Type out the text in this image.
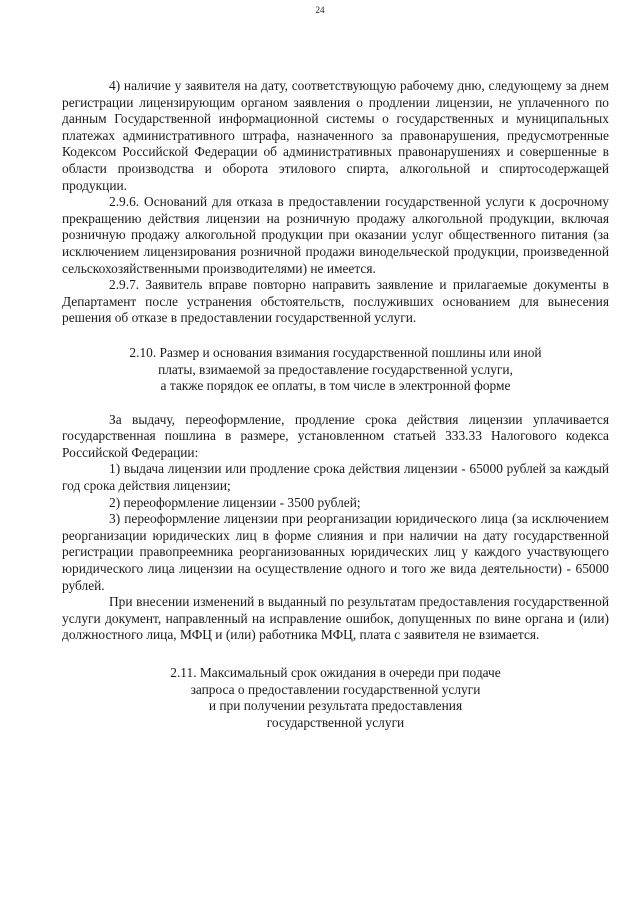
24

4) наличие у заявителя на дату, соответствующую рабочему дню, следующему за днем регистрации лицензирующим органом заявления о продлении лицензии, не уплаченного по данным Государственной информационной системы о государственных и муниципальных платежах административного штрафа, назначенного за правонарушения, предусмотренные Кодексом Российской Федерации об административных правонарушениях и совершенные в области производства и оборота этилового спирта, алкогольной и спиртосодержащей продукции.

2.9.6. Оснований для отказа в предоставлении государственной услуги к досрочному прекращению действия лицензии на розничную продажу алкогольной продукции, включая розничную продажу алкогольной продукции при оказании услуг общественного питания (за исключением лицензирования розничной продажи винодельческой продукции, произведенной сельскохозяйственными производителями) не имеется.

2.9.7. Заявитель вправе повторно направить заявление и прилагаемые документы в Департамент после устранения обстоятельств, послуживших основанием для вынесения решения об отказе в предоставлении государственной услуги.

2.10. Размер и основания взимания государственной пошлины или иной

платы, взимаемой за предоставление государственной услуги,

а также порядок ее оплаты, в том числе в электронной форме

За выдачу, переоформление, продление срока действия лицензии уплачивается государственная пошлина в размере, установленном статьей 333.33 Налогового кодекса Российской Федерации:

1) выдача лицензии или продление срока действия лицензии - 65000 рублей за каждый год срока действия лицензии;

2) переоформление лицензии - 3500 рублей;

3) переоформление лицензии при реорганизации юридического лица (за исключением реорганизации юридических лиц в форме слияния и при наличии на дату государственной регистрации правопреемника реорганизованных юридических лиц у каждого участвующего юридического лица лицензии на осуществление одного и того же вида деятельности) - 65000 рублей.

При внесении изменений в выданный по результатам предоставления государственной услуги документ, направленный на исправление ошибок, допущенных по вине органа и (или) должностного лица, МФЦ и (или) работника МФЦ, плата с заявителя не взимается.

2.11. Максимальный срок ожидания в очереди при подаче

запроса о предоставлении государственной услуги

и при получении результата предоставления

государственной услуги
